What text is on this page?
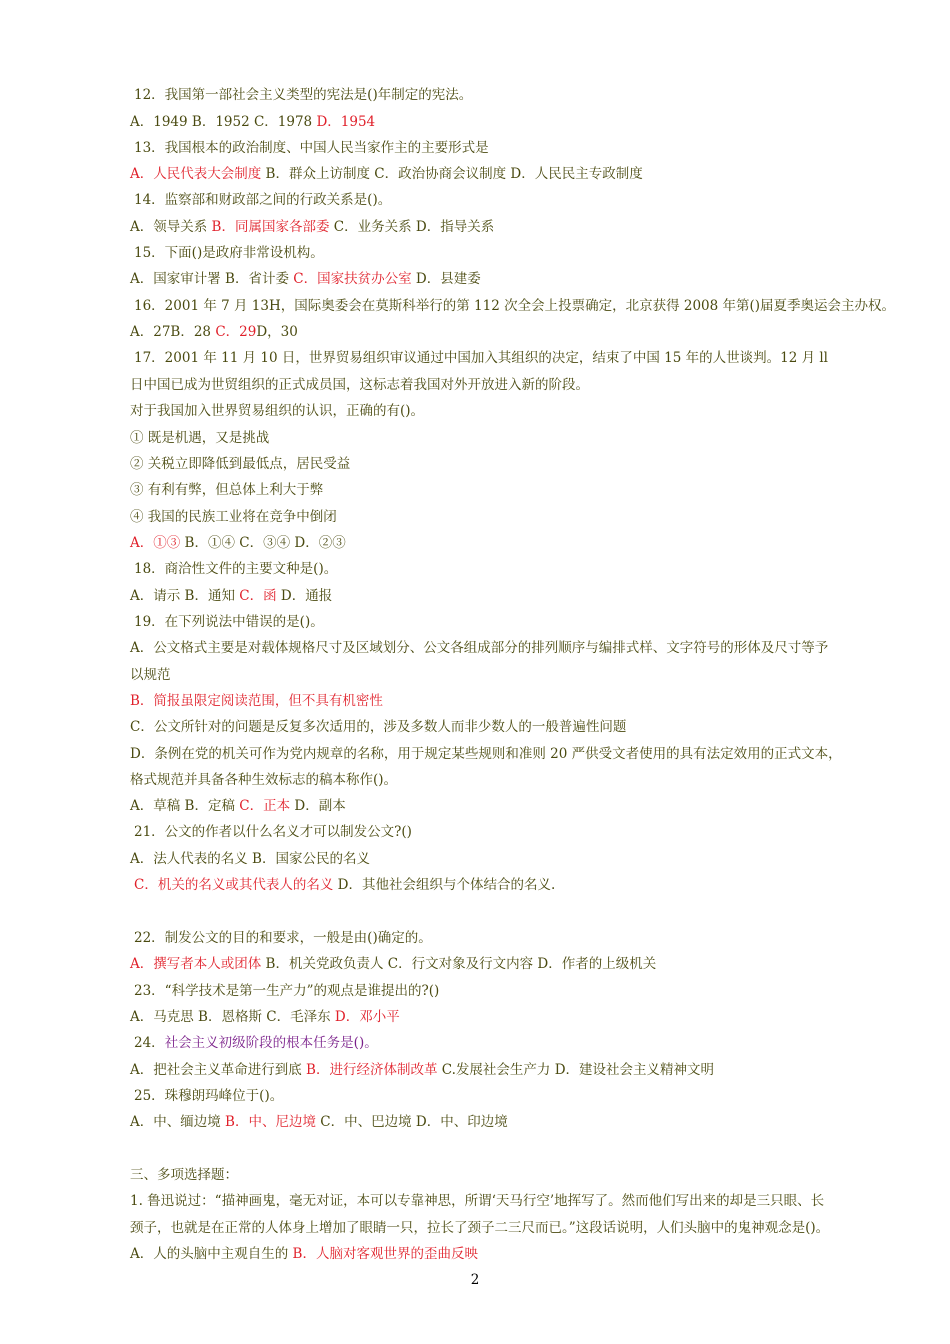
12．我国第一部社会主义类型的宪法是()年制定的宪法。
A．1949 B．1952 C．1978 D．1954
13．我国根本的政治制度、中国人民当家作主的主要形式是
A．人民代表大会制度 B．群众上访制度 C．政治协商会议制度 D．人民民主专政制度
14．监察部和财政部之间的行政关系是()。
A．领导关系 B．同属国家各部委 C．业务关系 D．指导关系
15．下面()是政府非常设机构。
A．国家审计署 B．省计委 C．国家扶贫办公室 D．县建委
16．2001 年 7 月 13H，国际奥委会在莫斯科举行的第 112 次全会上投票确定，北京获得 2008 年第()届夏季奥运会主办权。
A．27B．28 C．29D，30
17．2001 年 11 月 10 日，世界贸易组织审议通过中国加入其组织的决定，结束了中国 15 年的人世谈判。12 月 ll
日中国已成为世贸组织的正式成员国，这标志着我国对外开放进入新的阶段。
对于我国加入世界贸易组织的认识，正确的有()。
① 既是机遇，又是挑战
② 关税立即降低到最低点，居民受益
③ 有利有弊，但总体上利大于弊
④ 我国的民族工业将在竞争中倒闭
A．①③ B．①④ C．③④ D．②③
18．商洽性文件的主要文种是()。
A．请示 B．通知 C．函 D．通报
19．在下列说法中错误的是()。
A．公文格式主要是对载体规格尺寸及区域划分、公文各组成部分的排列顺序与编排式样、文字符号的形体及尺寸等予
以规范
B．简报虽限定阅读范围，但不具有机密性
C．公文所针对的问题是反复多次适用的，涉及多数人而非少数人的一般普遍性问题
D．条例在党的机关可作为党内规章的名称，用于规定某些规则和准则 20 严供受文者使用的具有法定效用的正式文本，
格式规范并具备各种生效标志的稿本称作()。
A．草稿 B．定稿 C．正本 D．副本
21．公文的作者以什么名义才可以制发公文?()
A．法人代表的名义 B．国家公民的名义
C．机关的名义或其代表人的名义 D．其他社会组织与个体结合的名义.
22．制发公文的目的和要求，一般是由()确定的。
A．撰写者本人或团体 B．机关党政负责人 C．行文对象及行文内容 D．作者的上级机关
23．“科学技术是第一生产力”的观点是谁提出的?()
A．马克思 B．恩格斯 C．毛泽东 D．邓小平
24．社会主义初级阶段的根本任务是()。
A．把社会主义革命进行到底 B．进行经济体制改革 C.发展社会生产力 D．建设社会主义精神文明
25．珠穆朗玛峰位于()。
A．中、缅边境 B．中、尼边境 C．中、巴边境 D．中、印边境
三、多项选择题：
1. 鲁迅说过：“描神画鬼，毫无对证，本可以专靠神思，所谓‘天马行空’地挥写了。然而他们写出来的却是三只眼、长
颈子，也就是在正常的人体身上增加了眼睛一只，拉长了颈子二三尺而已。”这段话说明，人们头脑中的鬼神观念是()。
A．人的头脑中主观自生的 B．人脑对客观世界的歪曲反映
2
